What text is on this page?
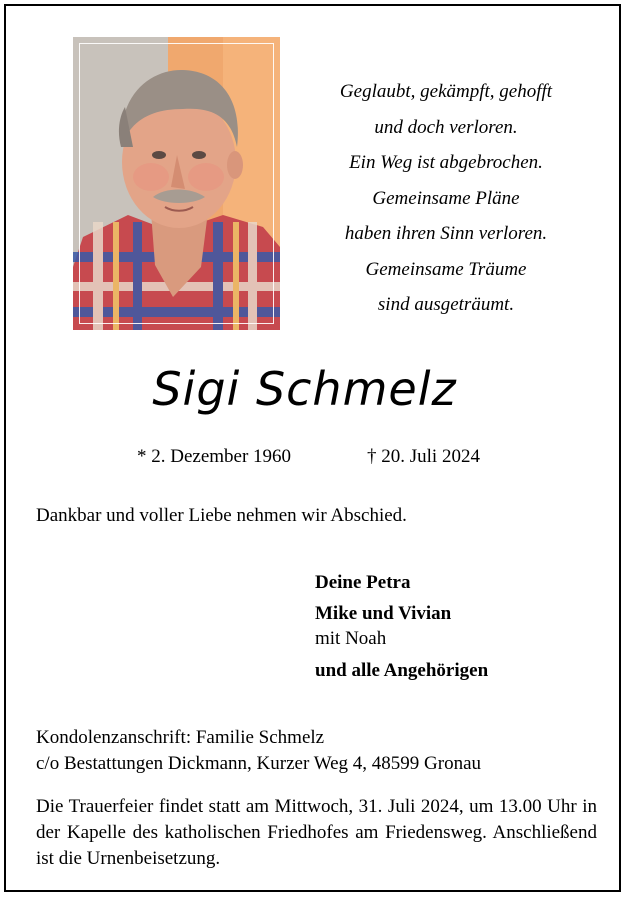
Geglaubt, gekämpft, gehofft
und doch verloren.
Ein Weg ist abgebrochen.
Gemeinsame Pläne
haben ihren Sinn verloren.
Gemeinsame Träume
sind ausgeträumt.
Sigi Schmelz
* 2. Dezember 1960	† 20. Juli 2024
Dankbar und voller Liebe nehmen wir Abschied.
Deine Petra
Mike und Vivian
mit Noah
und alle Angehörigen
Kondolenzanschrift: Familie Schmelz
c/o Bestattungen Dickmann, Kurzer Weg 4, 48599 Gronau
Die Trauerfeier findet statt am Mittwoch, 31. Juli 2024, um 13.00 Uhr in der Kapelle des katholischen Friedhofes am Friedensweg. Anschließend ist die Urnenbeisetzung.
